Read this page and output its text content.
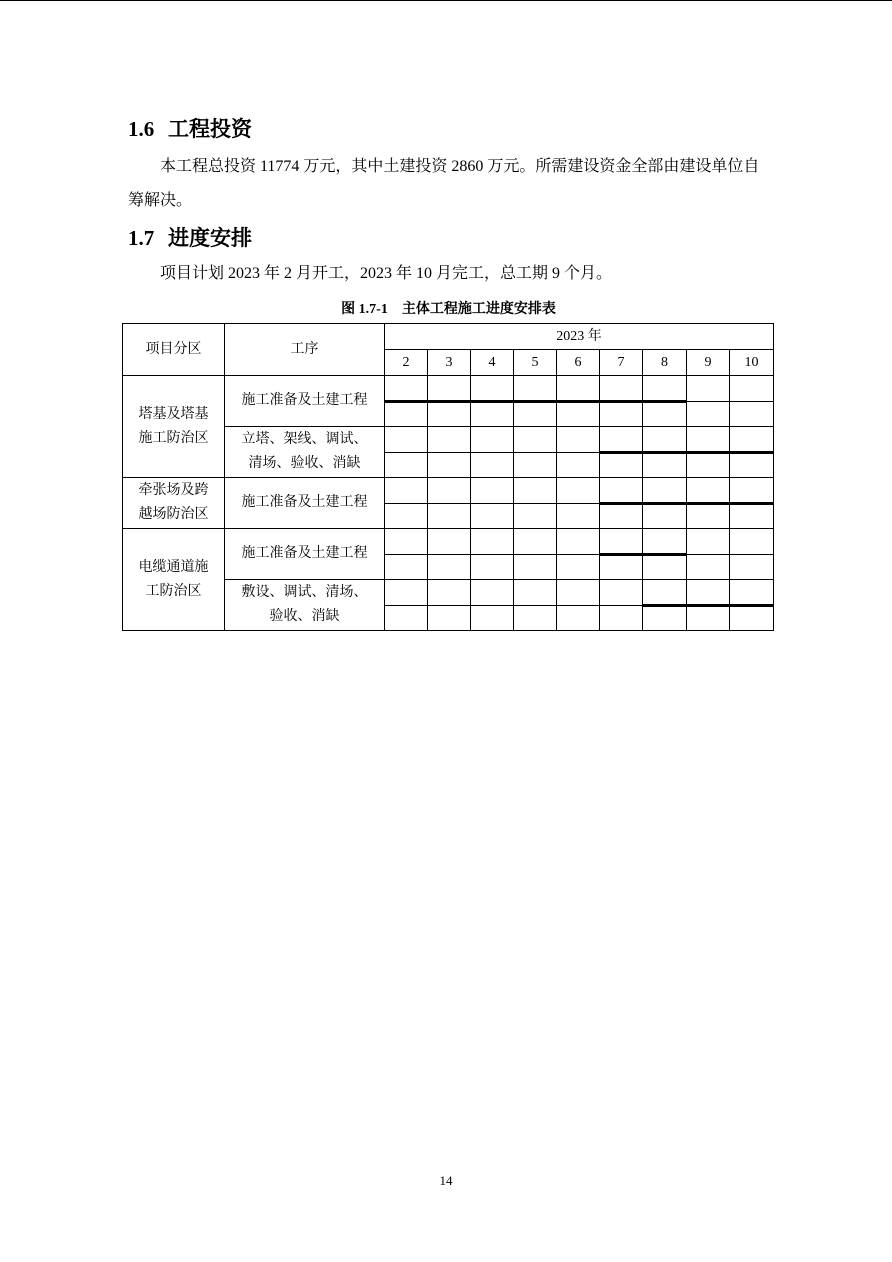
1.6 工程投资

本工程总投资 11774 万元，其中土建投资 2860 万元。所需建设资金全部由建设单位自筹解决。

1.7 进度安排

项目计划 2023 年 2 月开工，2023 年 10 月完工，总工期 9 个月。

图 1.7-1　主体工程施工进度安排表
项目分区	工序	2023 年								
		2	3	4	5	6	7	8	9	10

塔基及塔基
施工防治区	施工准备及土建工程									

	立塔、架线、调试、
清场、验收、消缺									

牵张场及跨
越场防治区	施工准备及土建工程									

电缆通道施
工防治区	施工准备及土建工程									

	敷设、调试、清场、
验收、消缺									

14
